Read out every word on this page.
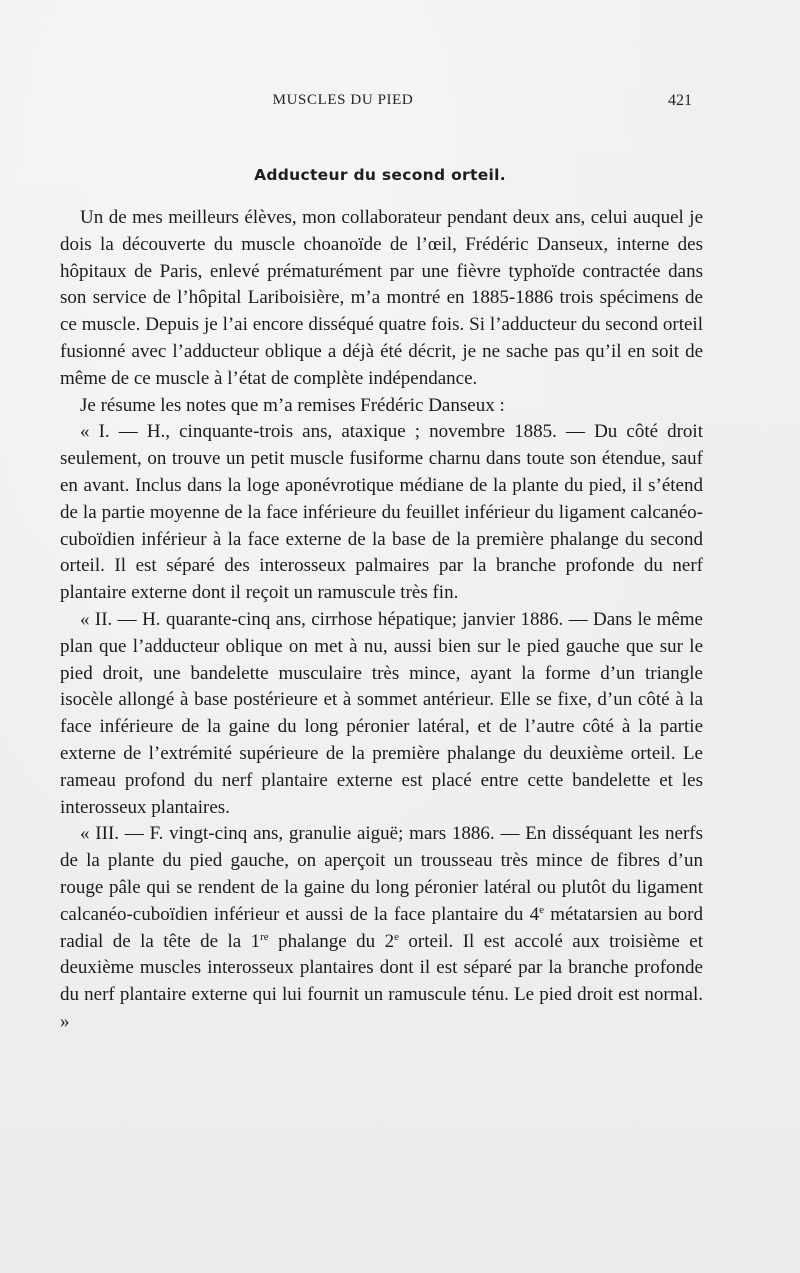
MUSCLES DU PIED	421
Adducteur du second orteil.

Un de mes meilleurs élèves, mon collaborateur pendant deux ans, celui auquel je dois la découverte du muscle choanoïde de l’œil, Frédéric Danseux, interne des hôpitaux de Paris, enlevé prématurément par une fièvre typhoïde contractée dans son service de l’hôpital Lariboisière, m’a montré en 1885-1886 trois spécimens de ce muscle. Depuis je l’ai encore disséqué quatre fois. Si l’adducteur du second orteil fusionné avec l’adducteur oblique a déjà été décrit, je ne sache pas qu’il en soit de même de ce muscle à l’état de complète indépendance.

Je résume les notes que m’a remises Frédéric Danseux :

« I. — H., cinquante-trois ans, ataxique ; novembre 1885. — Du côté droit seulement, on trouve un petit muscle fusiforme charnu dans toute son étendue, sauf en avant. Inclus dans la loge aponévrotique médiane de la plante du pied, il s’étend de la partie moyenne de la face inférieure du feuillet inférieur du ligament calcanéo-cuboïdien inférieur à la face externe de la base de la première phalange du second orteil. Il est séparé des interosseux palmaires par la branche profonde du nerf plantaire externe dont il reçoit un ramuscule très fin.

« II. — H. quarante-cinq ans, cirrhose hépatique; janvier 1886. — Dans le même plan que l’adducteur oblique on met à nu, aussi bien sur le pied gauche que sur le pied droit, une bandelette musculaire très mince, ayant la forme d’un triangle isocèle allongé à base postérieure et à sommet antérieur. Elle se fixe, d’un côté à la face inférieure de la gaine du long péronier latéral, et de l’autre côté à la partie externe de l’extrémité supérieure de la première phalange du deuxième orteil. Le rameau profond du nerf plantaire externe est placé entre cette bandelette et les interosseux plantaires.

« III. — F. vingt-cinq ans, granulie aiguë; mars 1886. — En disséquant les nerfs de la plante du pied gauche, on aperçoit un trousseau très mince de fibres d’un rouge pâle qui se rendent de la gaine du long péronier latéral ou plutôt du ligament calcanéo-cuboïdien inférieur et aussi de la face plantaire du 4e métatarsien au bord radial de la tête de la 1re phalange du 2e orteil. Il est accolé aux troisième et deuxième muscles interosseux plantaires dont il est séparé par la branche profonde du nerf plantaire externe qui lui fournit un ramuscule ténu. Le pied droit est normal. »
